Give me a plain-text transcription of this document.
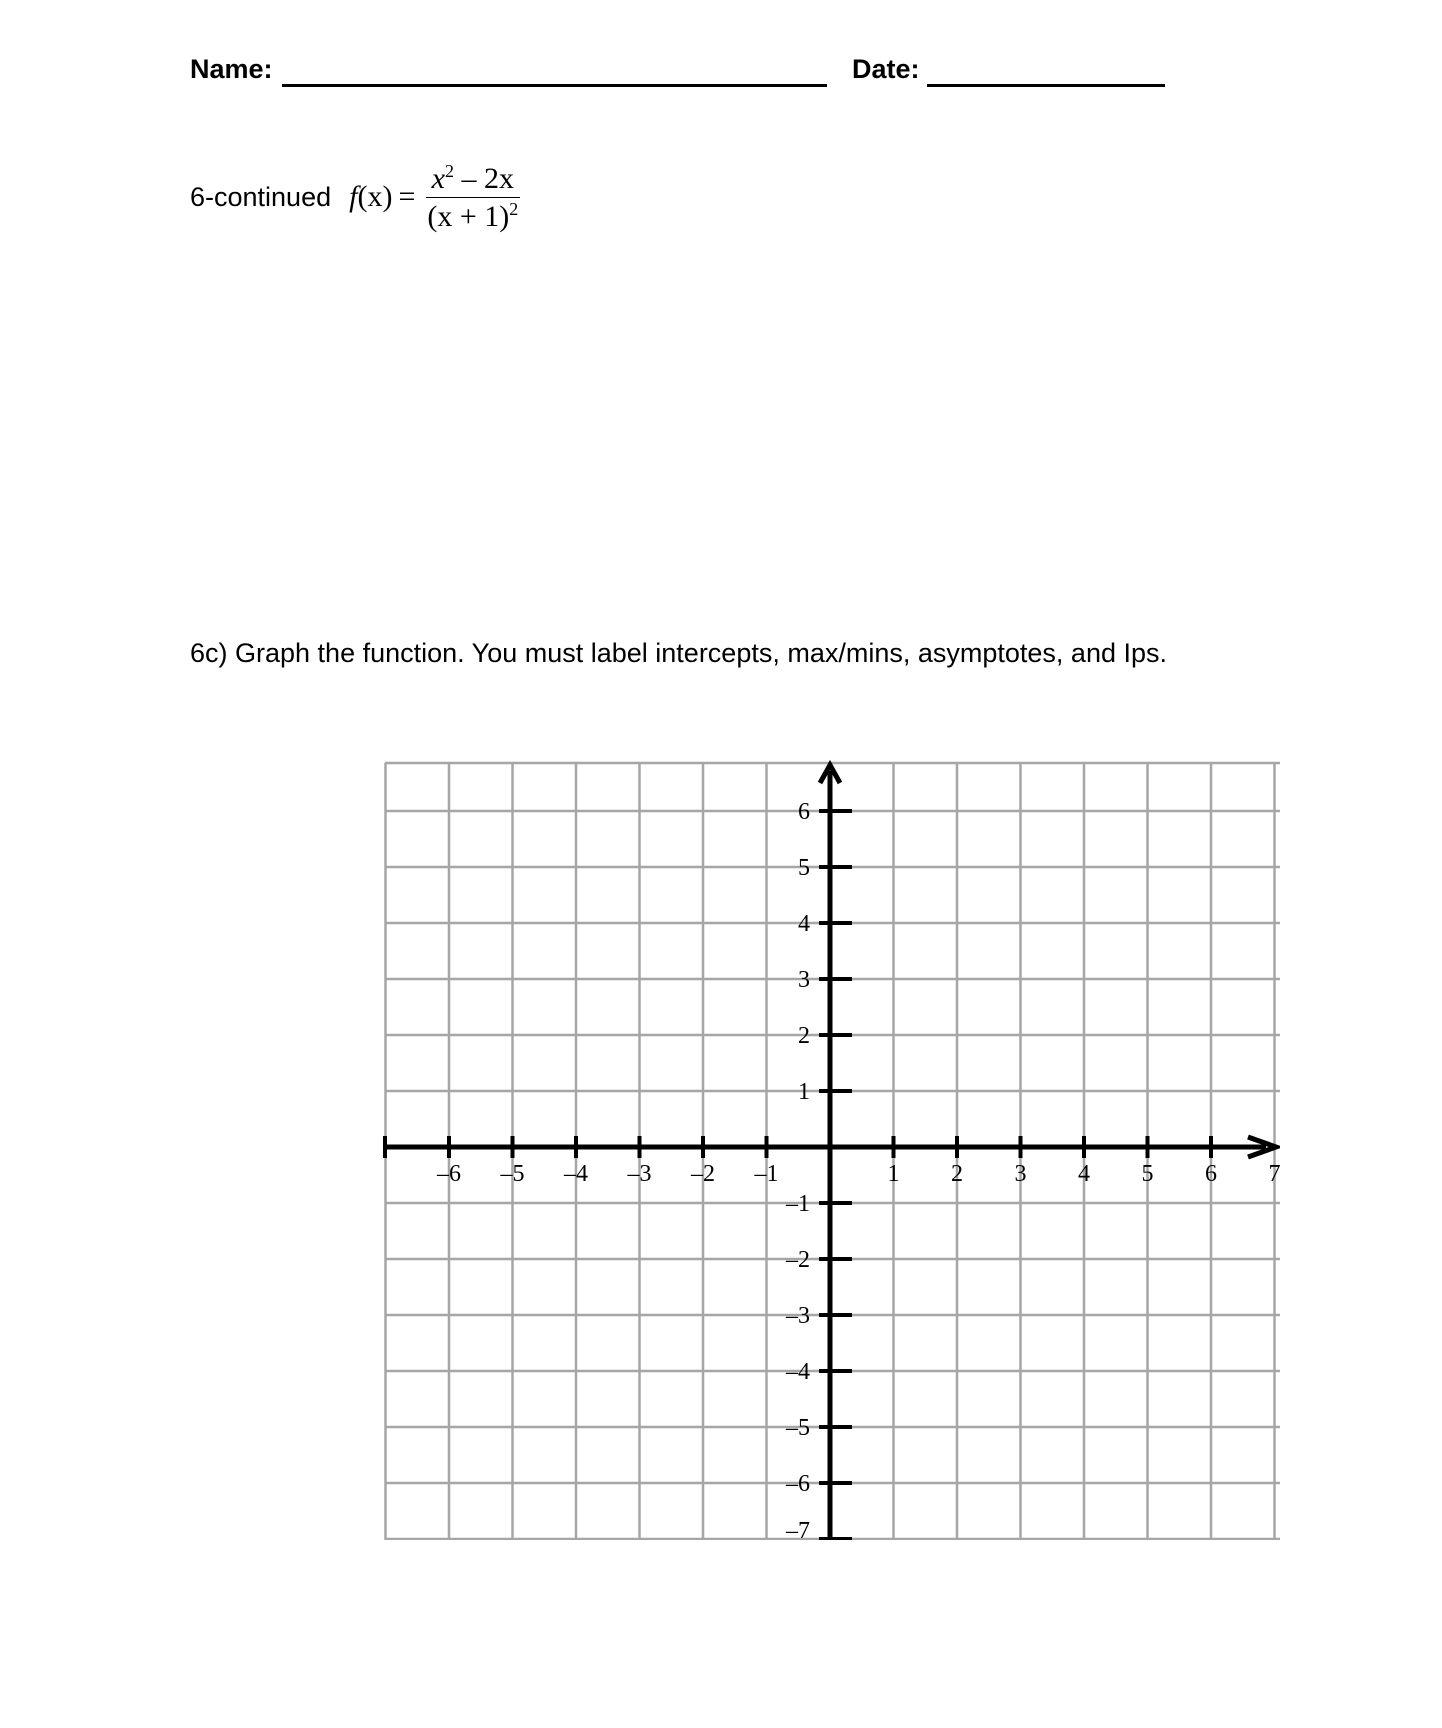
Name:	Date:
6-continued f $(x) = \frac{x^2 - 2x}{(x + 1)^2}$
6c) Graph the function. You must label intercepts, max/mins, asymptotes, and Ips.
–6 –5 –4 –3 –2 –1	1 2 3 4 5 6 7
6
5
4
3
2
1
–1
–2
–3
–4
–5
–6
–7
